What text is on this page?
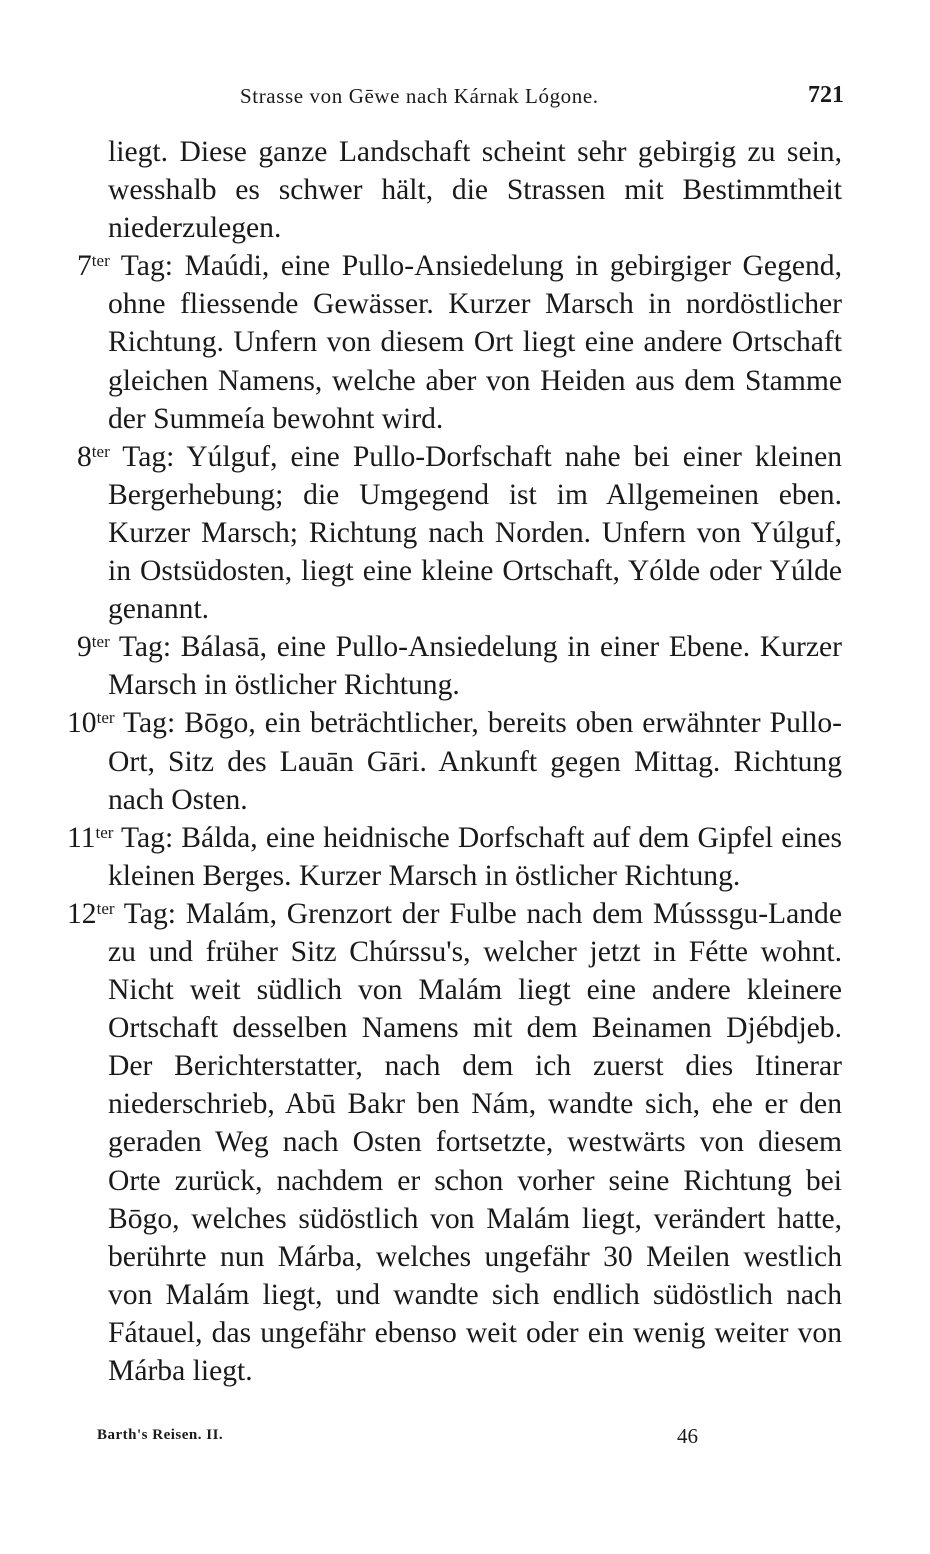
Strasse von Gēwe nach Kárnak Lógone.	721

liegt. Diese ganze Landschaft scheint sehr gebirgig zu sein, wesshalb es schwer hält, die Strassen mit Bestimmtheit niederzulegen.

$7^{ter}$ Tag: Maúdi, eine Pullo-Ansiedelung in gebirgiger Gegend, ohne fliessende Gewässer. Kurzer Marsch in nordöstlicher Richtung. Unfern von diesem Ort liegt eine andere Ortschaft gleichen Namens, welche aber von Heiden aus dem Stamme der Summeía bewohnt wird.

$8^{ter}$ Tag: Yúlguf, eine Pullo-Dorfschaft nahe bei einer kleinen Bergerhebung; die Umgegend ist im Allgemeinen eben. Kurzer Marsch; Richtung nach Norden. Unfern von Yúlguf, in Ostsüdosten, liegt eine kleine Ortschaft, Yólde oder Yúlde genannt.

$9^{ter}$ Tag: Bálasā, eine Pullo-Ansiedelung in einer Ebene. Kurzer Marsch in östlicher Richtung.

$10^{ter}$ Tag: Bōgo, ein beträchtlicher, bereits oben erwähnter Pullo-Ort, Sitz des Lauān Gāri. Ankunft gegen Mittag. Richtung nach Osten.

$11^{ter}$ Tag: Bálda, eine heidnische Dorfschaft auf dem Gipfel eines kleinen Berges. Kurzer Marsch in östlicher Richtung.

$12^{ter}$ Tag: Malám, Grenzort der Fulbe nach dem Músssgu-Lande zu und früher Sitz Chúrssu's, welcher jetzt in Fétte wohnt. Nicht weit südlich von Malám liegt eine andere kleinere Ortschaft desselben Namens mit dem Beinamen Djébdjeb. Der Berichterstatter, nach dem ich zuerst dies Itinerar niederschrieb, Abū Bakr ben Nám, wandte sich, ehe er den geraden Weg nach Osten fortsetzte, westwärts von diesem Orte zurück, nachdem er schon vorher seine Richtung bei Bōgo, welches südöstlich von Malám liegt, verändert hatte, berührte nun Márba, welches ungefähr 30 Meilen westlich von Malám liegt, und wandte sich endlich südöstlich nach Fátauel, das ungefähr ebenso weit oder ein wenig weiter von Márba liegt.

Barth's Reisen. II.	46
